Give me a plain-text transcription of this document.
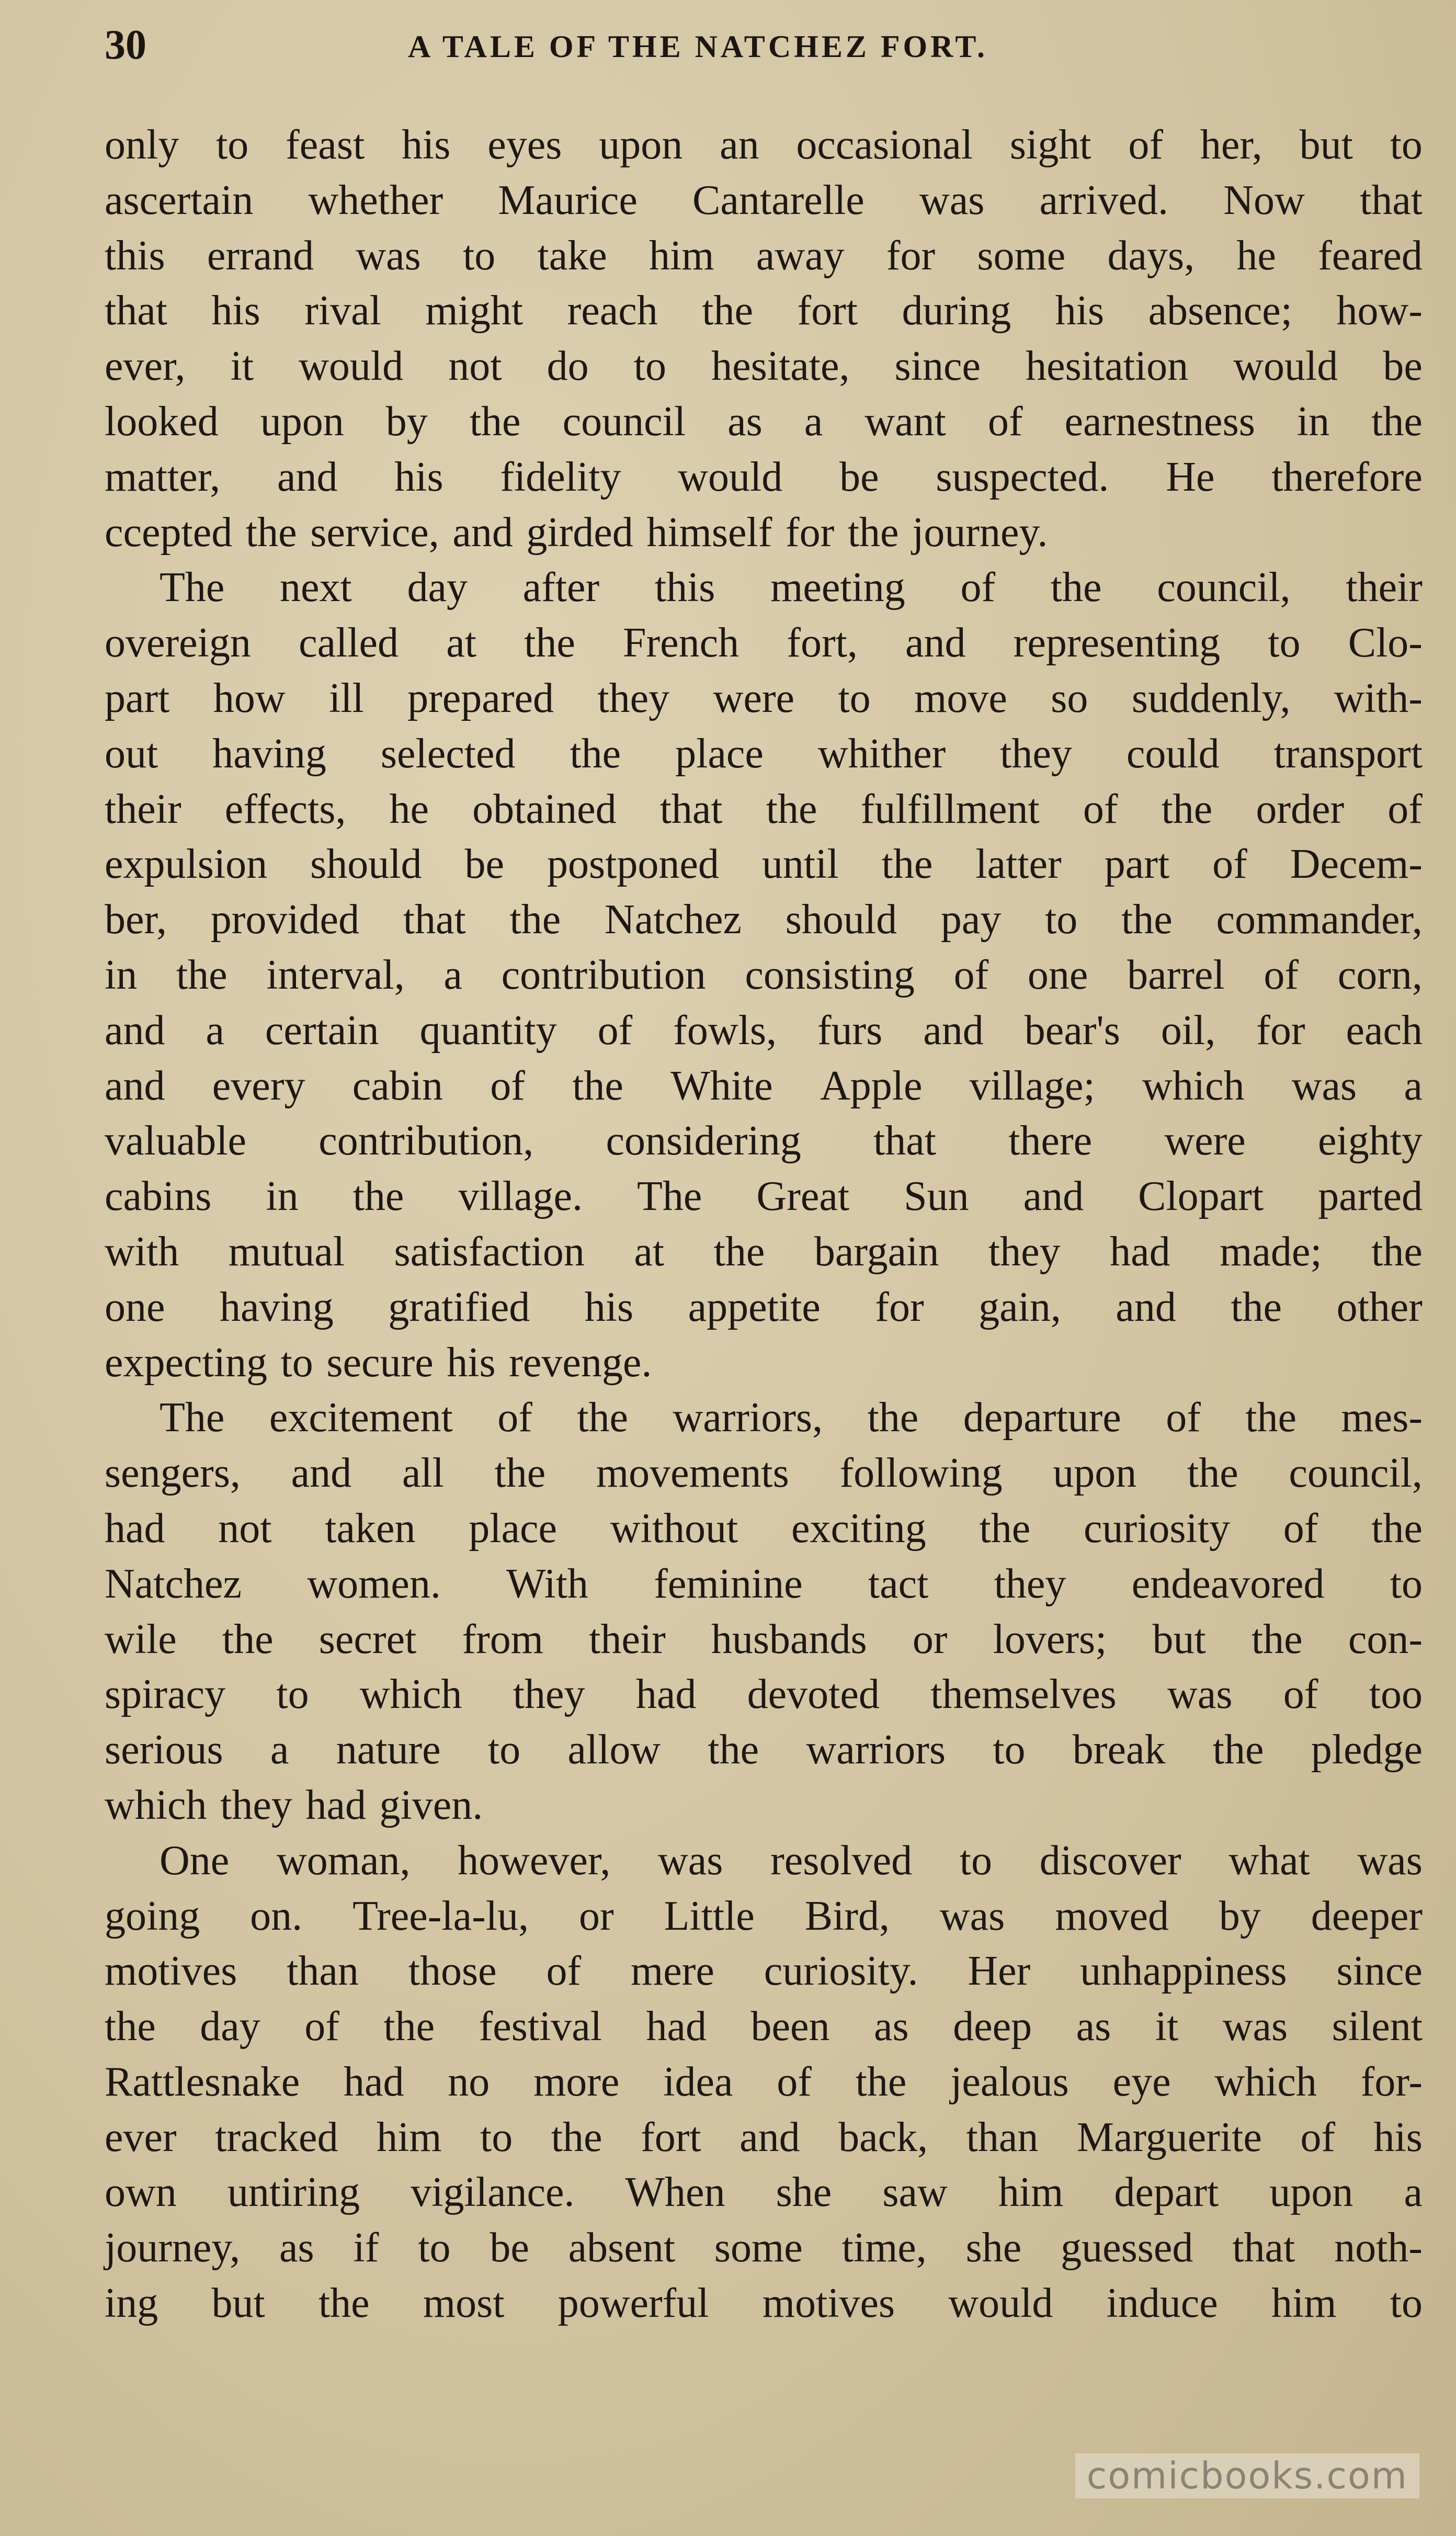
30	A TALE OF THE NATCHEZ FORT.
only to feast his eyes upon an occasional sight of her, but to
ascertain whether Maurice Cantarelle was arrived. Now that
this errand was to take him away for some days, he feared
that his rival might reach the fort during his absence; how-
ever, it would not do to hesitate, since hesitation would be
looked upon by the council as a want of earnestness in the
matter, and his fidelity would be suspected. He therefore
ccepted the service, and girded himself for the journey.
The next day after this meeting of the council, their
overeign called at the French fort, and representing to Clo-
part how ill prepared they were to move so suddenly, with-
out having selected the place whither they could transport
their effects, he obtained that the fulfillment of the order of
expulsion should be postponed until the latter part of Decem-
ber, provided that the Natchez should pay to the commander,
in the interval, a contribution consisting of one barrel of corn,
and a certain quantity of fowls, furs and bear's oil, for each
and every cabin of the White Apple village; which was a
valuable contribution, considering that there were eighty
cabins in the village. The Great Sun and Clopart parted
with mutual satisfaction at the bargain they had made; the
one having gratified his appetite for gain, and the other
expecting to secure his revenge.
The excitement of the warriors, the departure of the mes-
sengers, and all the movements following upon the council,
had not taken place without exciting the curiosity of the
Natchez women. With feminine tact they endeavored to
wile the secret from their husbands or lovers; but the con-
spiracy to which they had devoted themselves was of too
serious a nature to allow the warriors to break the pledge
which they had given.
One woman, however, was resolved to discover what was
going on. Tree-la-lu, or Little Bird, was moved by deeper
motives than those of mere curiosity. Her unhappiness since
the day of the festival had been as deep as it was silent
Rattlesnake had no more idea of the jealous eye which for-
ever tracked him to the fort and back, than Marguerite of his
own untiring vigilance. When she saw him depart upon a
journey, as if to be absent some time, she guessed that noth-
ing but the most powerful motives would induce him to
comicbooks.com
